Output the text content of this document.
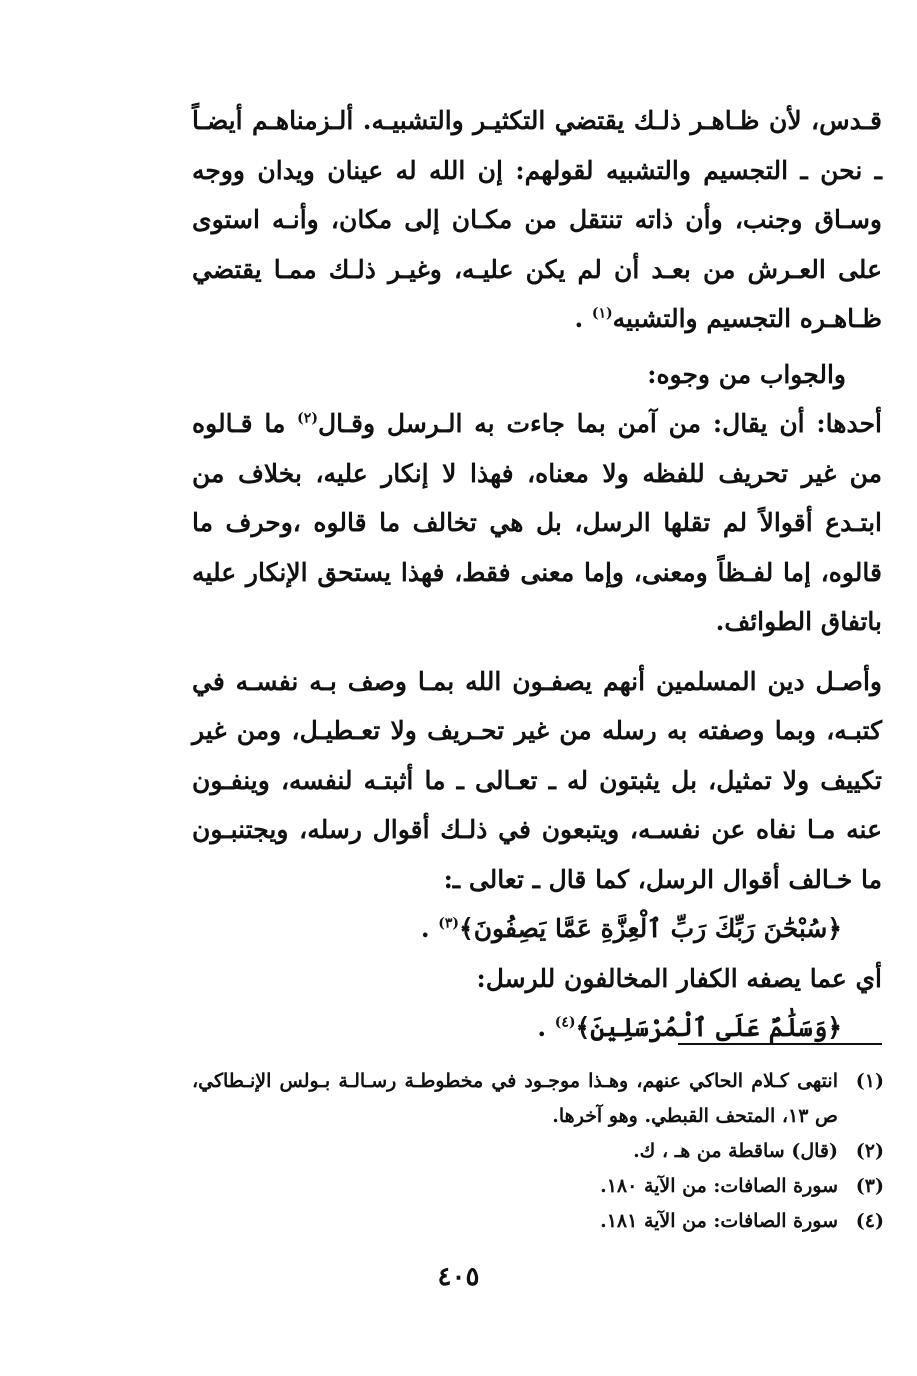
قـدس، لأن ظـاهـر ذلـك يقتضي التكثيـر والتشبيـه. ألـزمناهـم أيضـاً ـ نحن ـ التجسيم والتشبيه لقولهم: إن الله له عينان ويدان ووجه وسـاق وجنب، وأن ذاته تنتقل من مكـان إلى مكان، وأنـه استوى على العـرش من بعـد أن لم يكن عليـه، وغيـر ذلـك ممـا يقتضي ظـاهـره التجسيم والتشبيه$^{(١)}$ .

والجواب من وجوه:

أحدها: أن يقال: من آمن بما جاءت به الـرسل وقـال$^{(٢)}$ ما قـالوه من غير تحريف للفظه ولا معناه، فهذا لا إنكار عليه، بخلاف من ابتـدع أقوالاً لم تقلها الرسل، بل هي تخالف ما قالوه ،وحرف ما قالوه، إما لفـظاً ومعنى، وإما معنى فقط، فهذا يستحق الإنكار عليه باتفاق الطوائف.

وأصـل دين المسلمين أنهم يصفـون الله بمـا وصف بـه نفسـه في كتبـه، وبما وصفته به رسله من غير تحـريف ولا تعـطيـل، ومن غير تكييف ولا تمثيل، بل يثبتون له ـ تعـالى ـ ما أثبتـه لنفسه، وينفـون عنه مـا نفاه عن نفسـه، ويتبعون في ذلـك أقوال رسله، ويجتنبـون ما خـالف أقوال الرسل، كما قال ـ تعالى ـ:

﴿سُبْحَٰنَ رَبِّكَ رَبِّ ٱلْعِزَّةِ عَمَّا يَصِفُونَ﴾$^{(٣)}$ .

أي عما يصفه الكفار المخالفون للرسل:

﴿وَسَلَٰمٌ عَلَى ٱلْمُرْسَلِينَ﴾$^{(٤)}$ .

(١)
انتهى كـلام الحاكي عنهم، وهـذا موجـود في مخطوطـة رسـالـة بـولس الإنـطاكي، ص ١٣، المتحف القبطي. وهو آخرها.
(٢)
(قال) ساقطة من هـ ، ك.
(٣)
سورة الصافات: من الآية ١٨٠.
(٤)
سورة الصافات: من الآية ١٨١.
٤٠٥
